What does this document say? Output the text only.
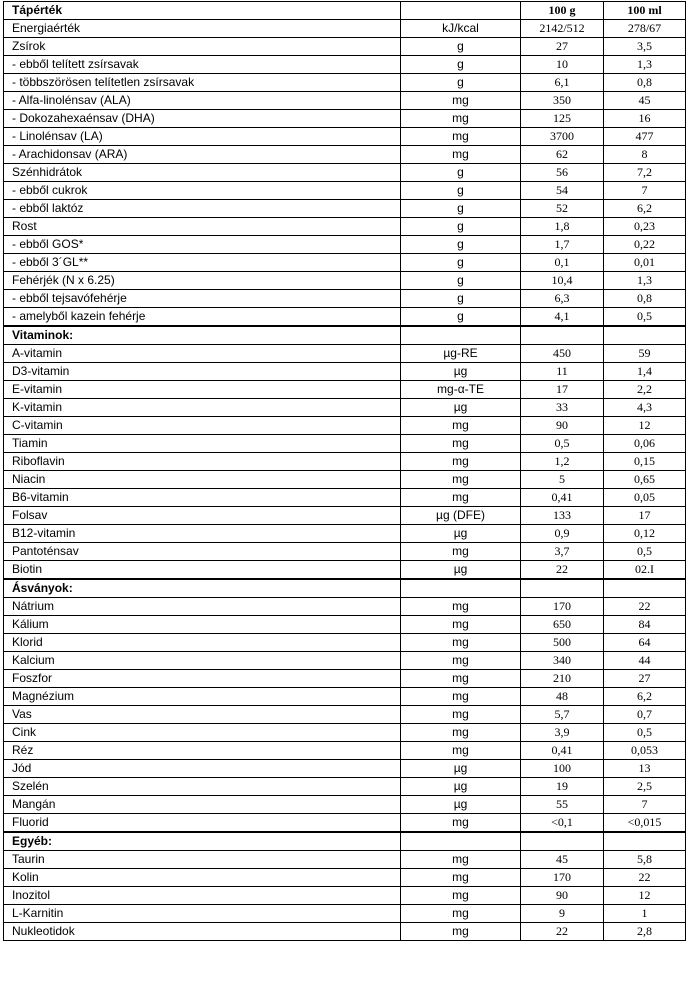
Tápérték		100 g	100 ml
Energiaérték	kJ/kcal	2142/512	278/67
Zsírok	g	27	3,5
- ebből telített zsírsavak	g	10	1,3
- többszörösen telítetlen zsírsavak	g	6,1	0,8
- Alfa-linolénsav (ALA)	mg	350	45
- Dokozahexaénsav (DHA)	mg	125	16
- Linolénsav (LA)	mg	3700	477
- Arachidonsav (ARA)	mg	62	8
Szénhidrátok	g	56	7,2
- ebből cukrok	g	54	7
- ebből laktóz	g	52	6,2
Rost	g	1,8	0,23
- ebből GOS*	g	1,7	0,22
- ebből 3´GL**	g	0,1	0,01
Fehérjék (N x 6.25)	g	10,4	1,3
- ebből tejsavófehérje	g	6,3	0,8
- amelyből kazein fehérje	g	4,1	0,5
Vitaminok:			
A-vitamin	µg-RE	450	59
D3-vitamin	µg	11	1,4
E-vitamin	mg-α-TE	17	2,2
K-vitamin	µg	33	4,3
C-vitamin	mg	90	12
Tiamin	mg	0,5	0,06
Riboflavin	mg	1,2	0,15
Niacin	mg	5	0,65
B6-vitamin	mg	0,41	0,05
Folsav	µg (DFE)	133	17
B12-vitamin	µg	0,9	0,12
Pantoténsav	mg	3,7	0,5
Biotin	µg	22	02.I
Ásványok:			
Nátrium	mg	170	22
Kálium	mg	650	84
Klorid	mg	500	64
Kalcium	mg	340	44
Foszfor	mg	210	27
Magnézium	mg	48	6,2
Vas	mg	5,7	0,7
Cink	mg	3,9	0,5
Réz	mg	0,41	0,053
Jód	µg	100	13
Szelén	µg	19	2,5
Mangán	µg	55	7
Fluorid	mg	<0,1	<0,015
Egyéb:			
Taurin	mg	45	5,8
Kolin	mg	170	22
Inozitol	mg	90	12
L-Karnitin	mg	9	1
Nukleotidok	mg	22	2,8
